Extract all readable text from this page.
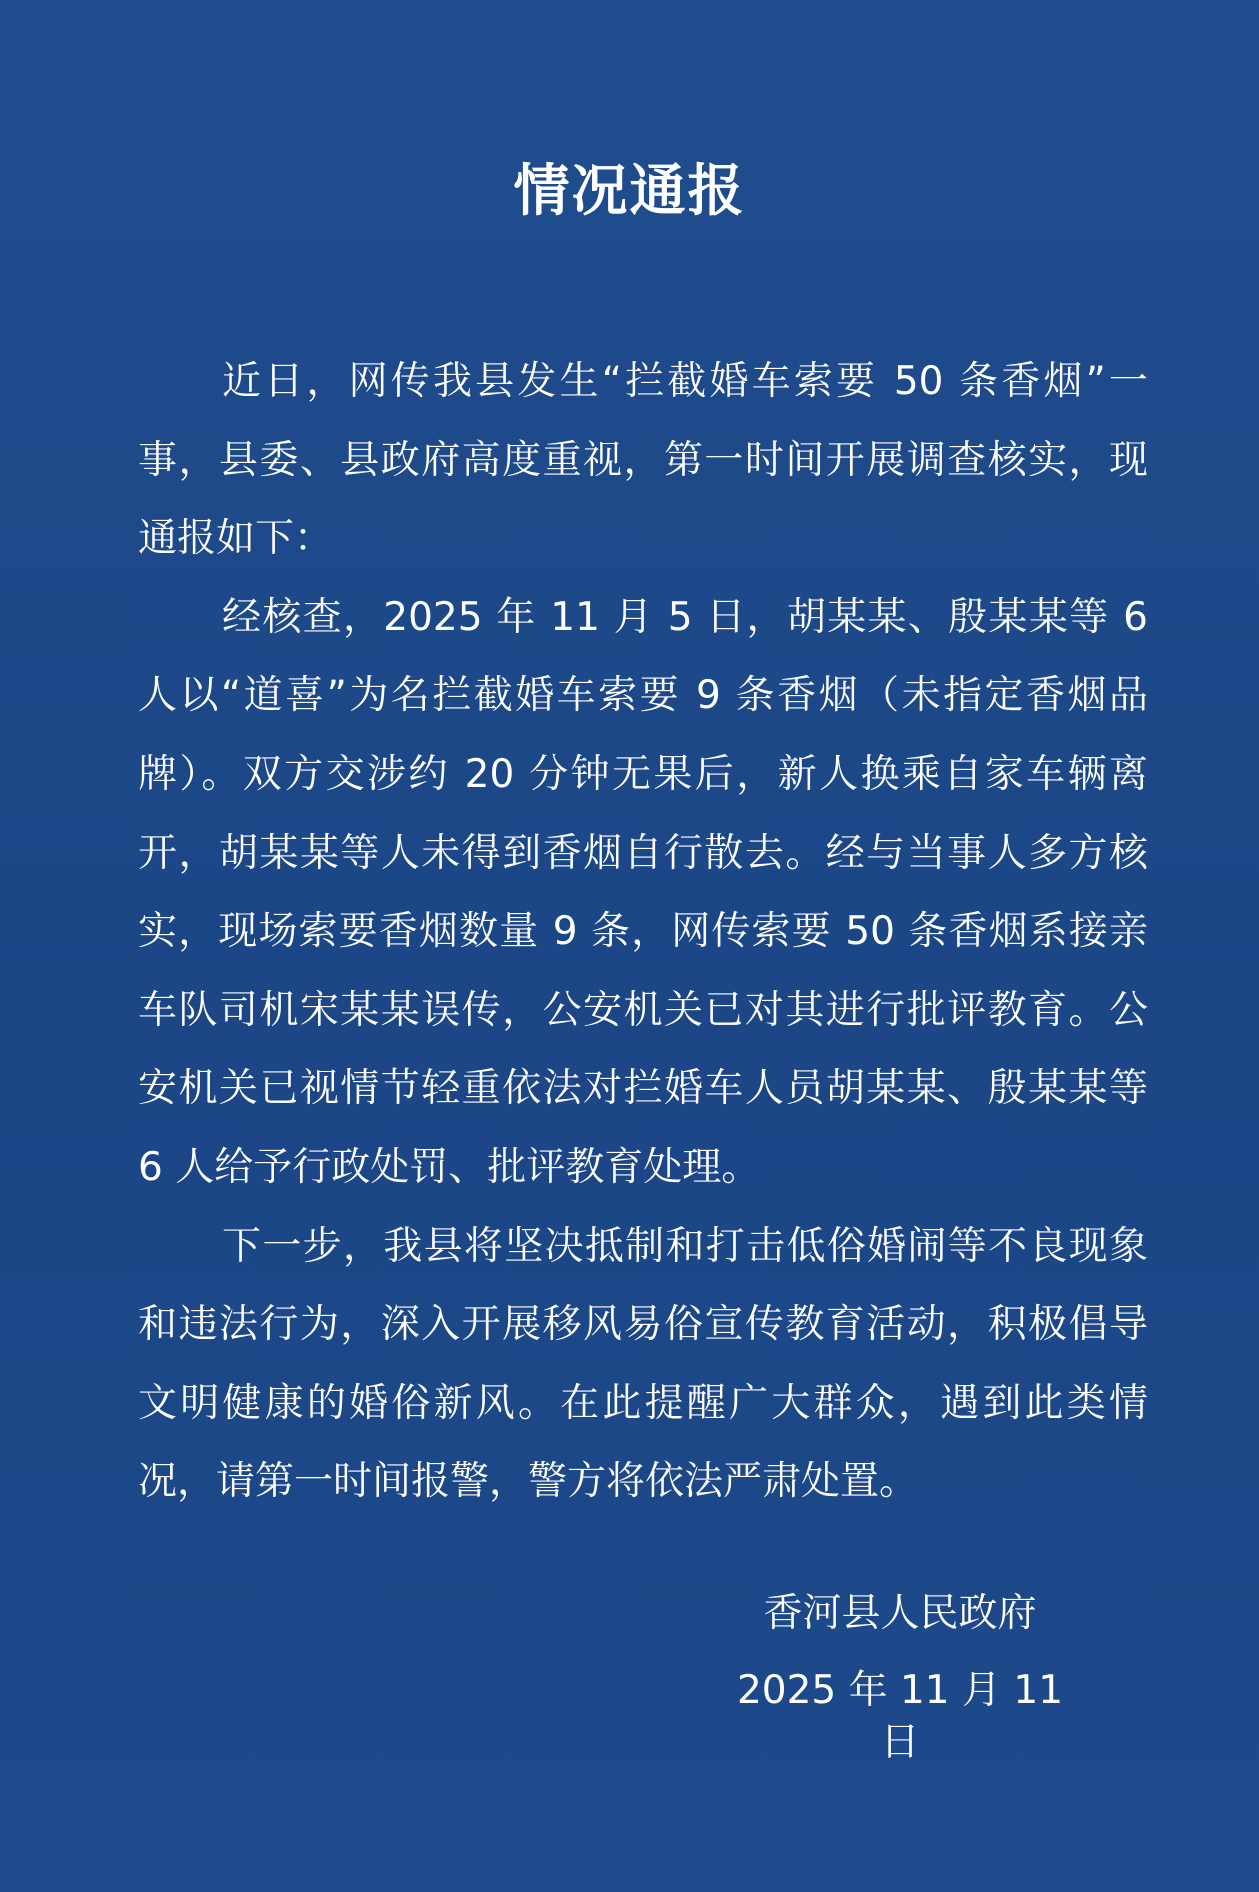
情况通报

近日，网传我县发生“拦截婚车索要 50 条香烟”一事，县委、县政府高度重视，第一时间开展调查核实，现通报如下：

经核查，2025 年 11 月 5 日，胡某某、殷某某等 6 人以“道喜”为名拦截婚车索要 9 条香烟（未指定香烟品牌）。双方交涉约 20 分钟无果后，新人换乘自家车辆离开，胡某某等人未得到香烟自行散去。经与当事人多方核实，现场索要香烟数量 9 条，网传索要 50 条香烟系接亲车队司机宋某某误传，公安机关已对其进行批评教育。公安机关已视情节轻重依法对拦婚车人员胡某某、殷某某等 6 人给予行政处罚、批评教育处理。

下一步，我县将坚决抵制和打击低俗婚闹等不良现象和违法行为，深入开展移风易俗宣传教育活动，积极倡导文明健康的婚俗新风。在此提醒广大群众，遇到此类情况，请第一时间报警，警方将依法严肃处置。

香河县人民政府
2025 年 11 月 11 日
